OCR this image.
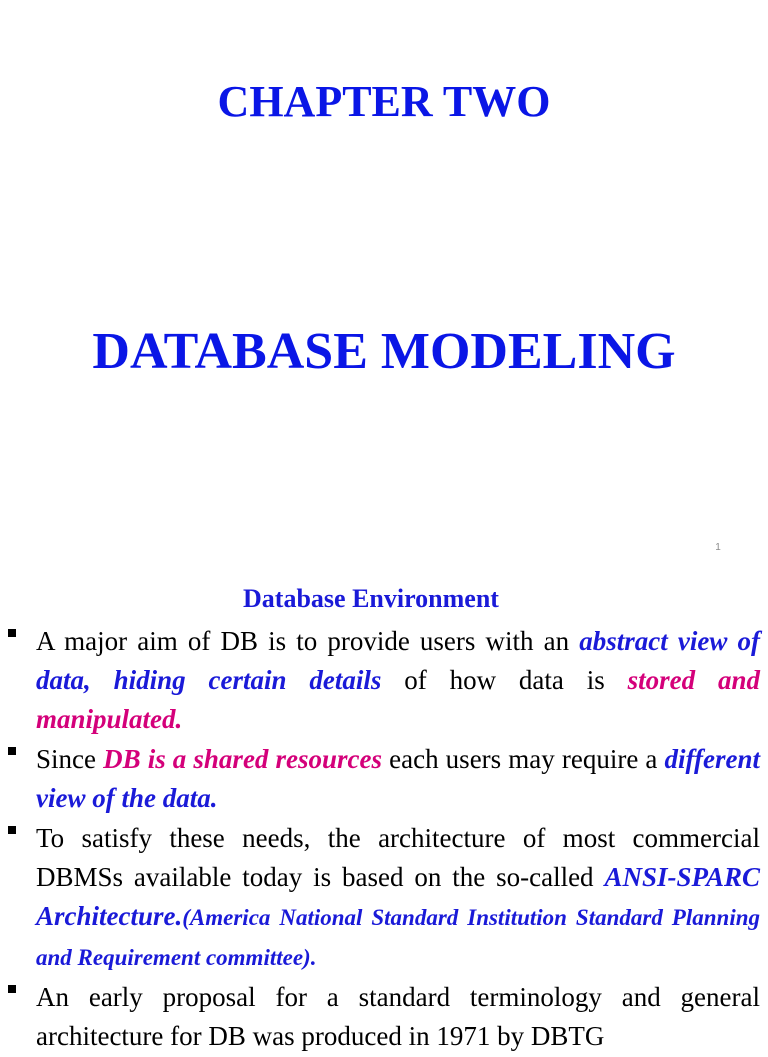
CHAPTER TWO
DATABASE MODELING
1
Database Environment
A major aim of DB is to provide users with an abstract view of data, hiding certain details of how data is stored and manipulated.
Since DB is a shared resources each users may require a different view of the data.
To satisfy these needs, the architecture of most commercial DBMSs available today is based on the so-called ANSI-SPARC Architecture.(America National Standard Institution Standard Planning and Requirement committee).
An early proposal for a standard terminology and general architecture for DB was produced in 1971 by DBTG
